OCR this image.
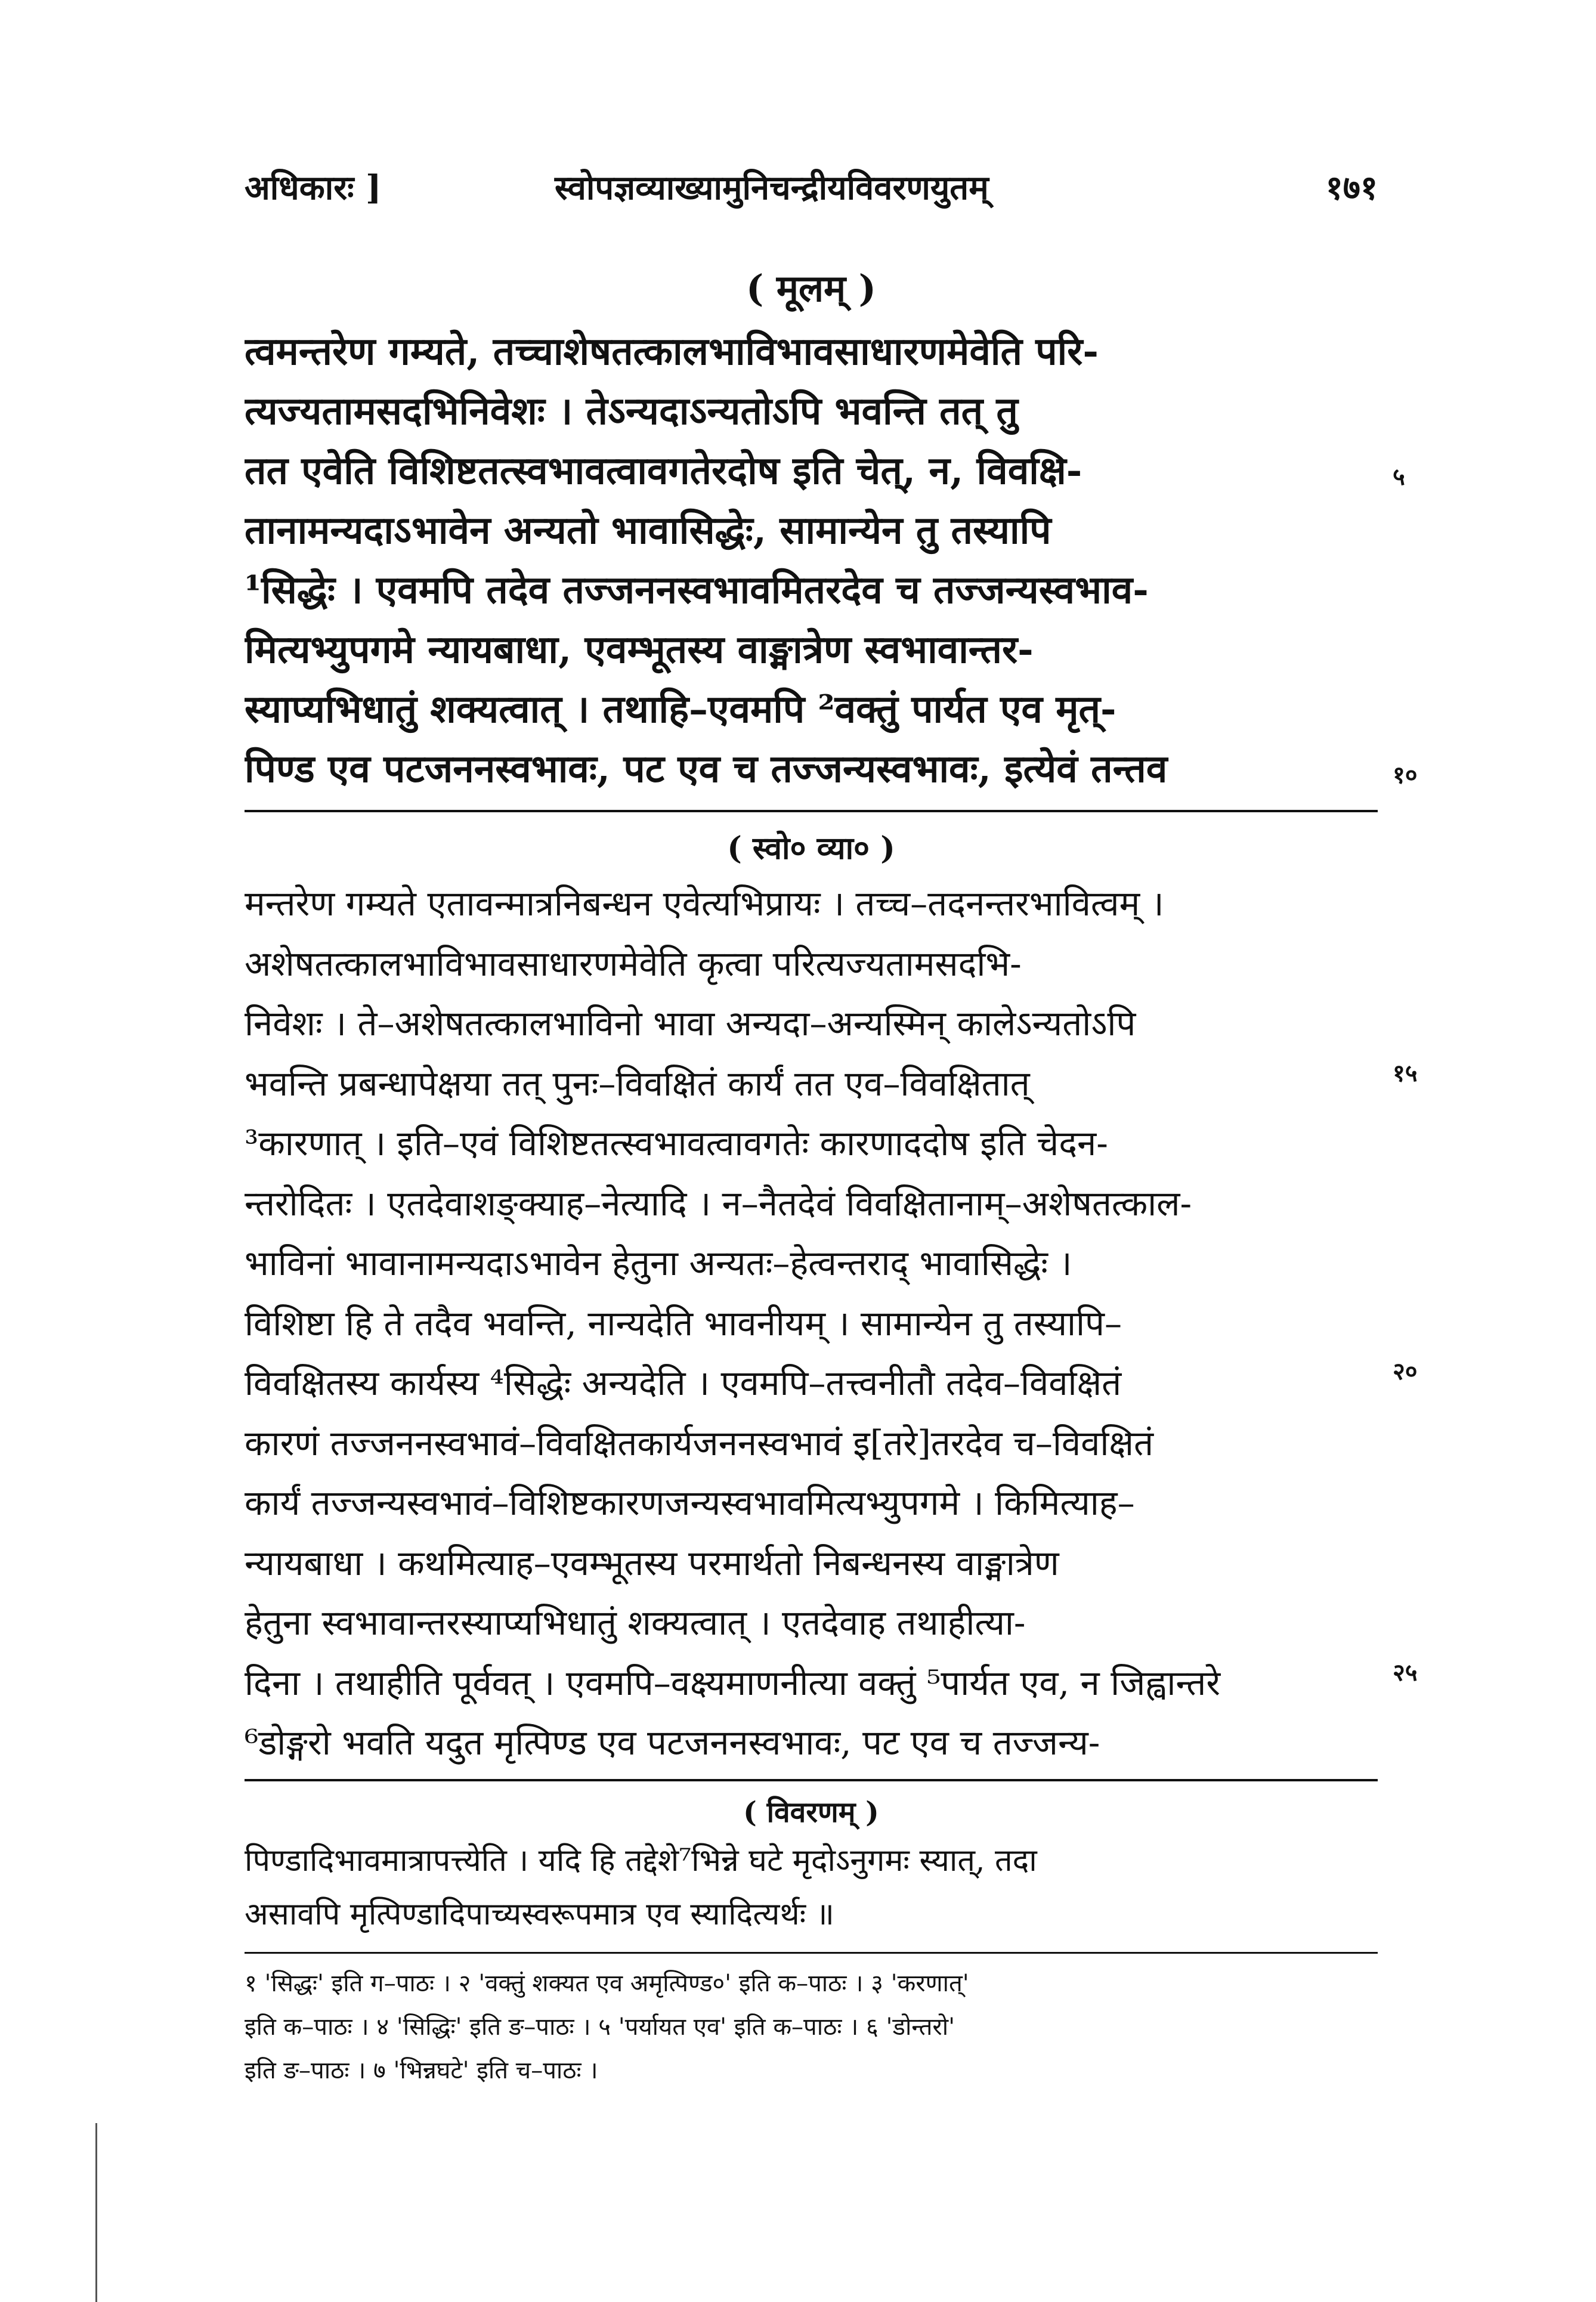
अधिकारः ]	स्वोपज्ञव्याख्यामुनिचन्द्रीयविवरणयुतम्	१७१
( मूलम् )
त्वमन्तरेण गम्यते, तच्चाशेषतत्कालभाविभावसाधारणमेवेति परि-
त्यज्यतामसदभिनिवेशः । तेऽन्यदाऽन्यतोऽपि भवन्ति तत् तु
तत एवेति विशिष्टतत्स्वभावत्वावगतेरदोष इति चेत्, न, विवक्षि-
तानामन्यदाऽभावेन अन्यतो भावासिद्धेः, सामान्येन तु तस्यापि
¹सिद्धेः । एवमपि तदेव तज्जननस्वभावमितरदेव च तज्जन्यस्वभाव-
मित्यभ्युपगमे न्यायबाधा, एवम्भूतस्य वाङ्मात्रेण स्वभावान्तर-
स्याप्यभिधातुं शक्यत्वात् । तथाहि–एवमपि ²वक्तुं पार्यत एव मृत्-
पिण्ड एव पटजननस्वभावः, पट एव च तज्जन्यस्वभावः, इत्येवं तन्तव
५
१०
( स्वो० व्या० )
मन्तरेण गम्यते एतावन्मात्रनिबन्धन एवेत्यभिप्रायः । तच्च–तदनन्तरभावित्वम् ।
अशेषतत्कालभाविभावसाधारणमेवेति कृत्वा परित्यज्यतामसदभि-
निवेशः । ते–अशेषतत्कालभाविनो भावा अन्यदा–अन्यस्मिन् कालेऽन्यतोऽपि
भवन्ति प्रबन्धापेक्षया तत् पुनः–विवक्षितं कार्यं तत एव–विवक्षितात्
³कारणात् । इति–एवं विशिष्टतत्स्वभावत्वावगतेः कारणाददोष इति चेदन-
न्तरोदितः । एतदेवाशङ्क्याह–नेत्यादि । न–नैतदेवं विवक्षितानाम्–अशेषतत्काल-
भाविनां भावानामन्यदाऽभावेन हेतुना अन्यतः–हेत्वन्तराद् भावासिद्धेः ।
विशिष्टा हि ते तदैव भवन्ति, नान्यदेति भावनीयम् । सामान्येन तु तस्यापि–
विवक्षितस्य कार्यस्य ⁴सिद्धेः अन्यदेति । एवमपि–तत्त्वनीतौ तदेव–विवक्षितं
कारणं तज्जननस्वभावं–विवक्षितकार्यजननस्वभावं इ[तरे]तरदेव च–विवक्षितं
कार्यं तज्जन्यस्वभावं–विशिष्टकारणजन्यस्वभावमित्यभ्युपगमे । किमित्याह–
न्यायबाधा । कथमित्याह–एवम्भूतस्य परमार्थतो निबन्धनस्य वाङ्मात्रेण
हेतुना स्वभावान्तरस्याप्यभिधातुं शक्यत्वात् । एतदेवाह तथाहीत्या-
दिना । तथाहीति पूर्ववत् । एवमपि–वक्ष्यमाणनीत्या वक्तुं ⁵पार्यत एव, न जिह्वान्तरे
⁶डोङ्गरो भवति यदुत मृत्पिण्ड एव पटजननस्वभावः, पट एव च तज्जन्य-
१५
२०
२५
( विवरणम् )
पिण्डादिभावमात्रापत्त्येति । यदि हि तद्देशे⁷भिन्ने घटे मृदोऽनुगमः स्यात्, तदा
असावपि मृत्पिण्डादिपाच्यस्वरूपमात्र एव स्यादित्यर्थः ॥
१ 'सिद्धः' इति ग–पाठः । २ 'वक्तुं शक्यत एव अमृत्पिण्ड०' इति क–पाठः । ३ 'करणात्'
इति क–पाठः । ४ 'सिद्धिः' इति ङ–पाठः । ५ 'पर्यायत एव' इति क–पाठः । ६ 'डोन्तरो'
इति ङ–पाठः । ७ 'भिन्नघटे' इति च–पाठः ।
